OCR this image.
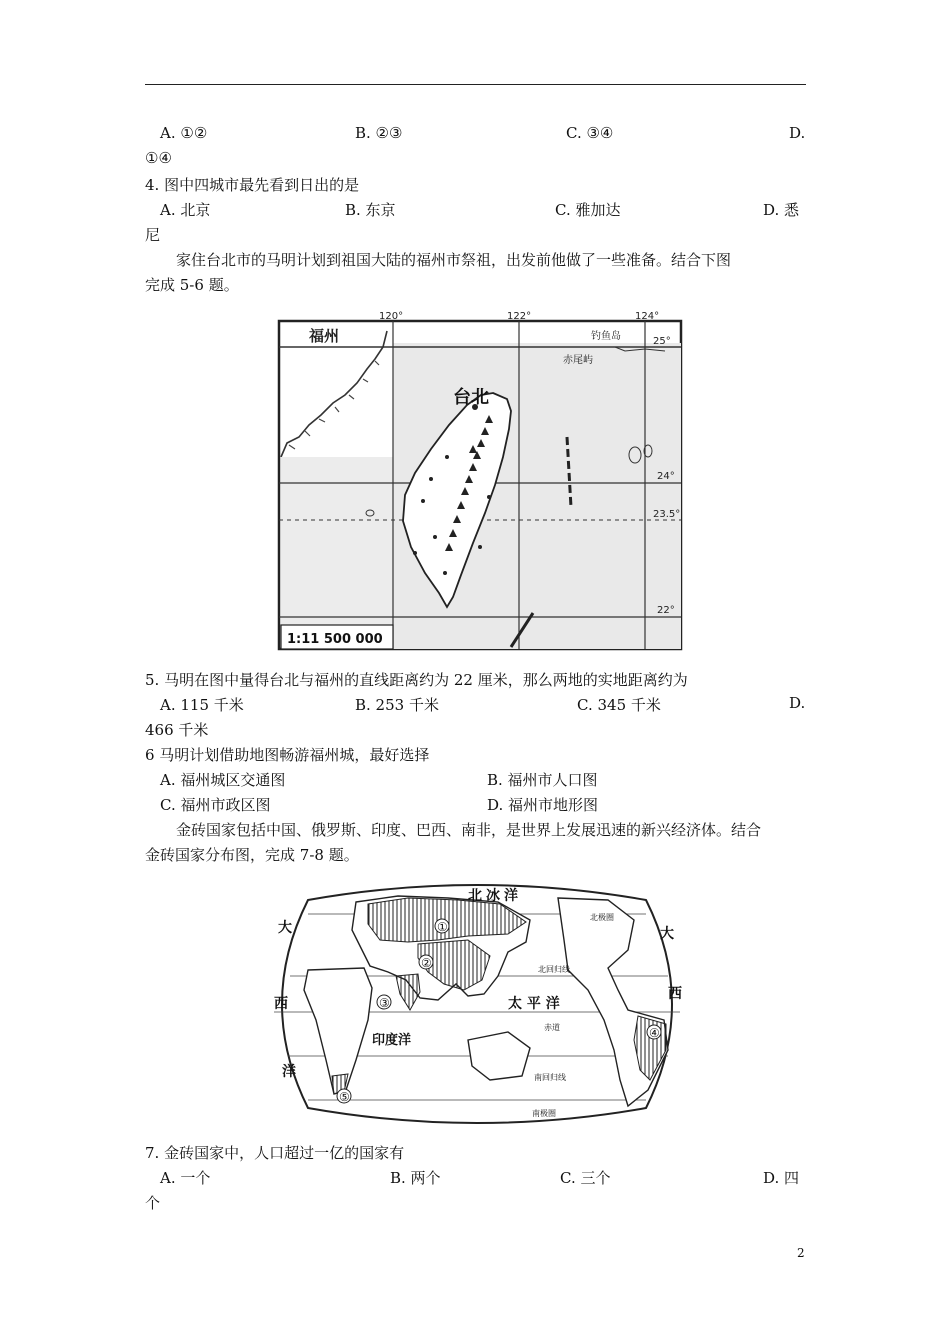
A. ①②	B. ②③	C. ③④	D.
①④
4. 图中四城市最先看到日出的是
A. 北京	B. 东京	C. 雅加达	D. 悉
尼
家住台北市的马明计划到祖国大陆的福州市祭祖，出发前他做了一些准备。结合下图
完成 5-6 题。
120°	122°	124°
25°
24°
23.5°
22°
福州
台北
钓鱼岛
赤尾屿
1:11 500 000
5. 马明在图中量得台北与福州的直线距离约为 22 厘米，那么两地的实地距离约为
A. 115 千米	B. 253 千米	C. 345 千米	D.
466 千米
6 马明计划借助地图畅游福州城，最好选择
A. 福州城区交通图	B. 福州市人口图
C. 福州市政区图	D. 福州市地形图
金砖国家包括中国、俄罗斯、印度、巴西、南非，是世界上发展迅速的新兴经济体。结合
金砖国家分布图，完成 7-8 题。
①
②
③
④
⑤
北冰洋
太 平 洋
印度洋
大
西
洋
大
西
北回归线
赤道
南回归线
北极圈
南极圈
7. 金砖国家中，人口超过一亿的国家有
A. 一个	B. 两个	C. 三个	D. 四
个
2
